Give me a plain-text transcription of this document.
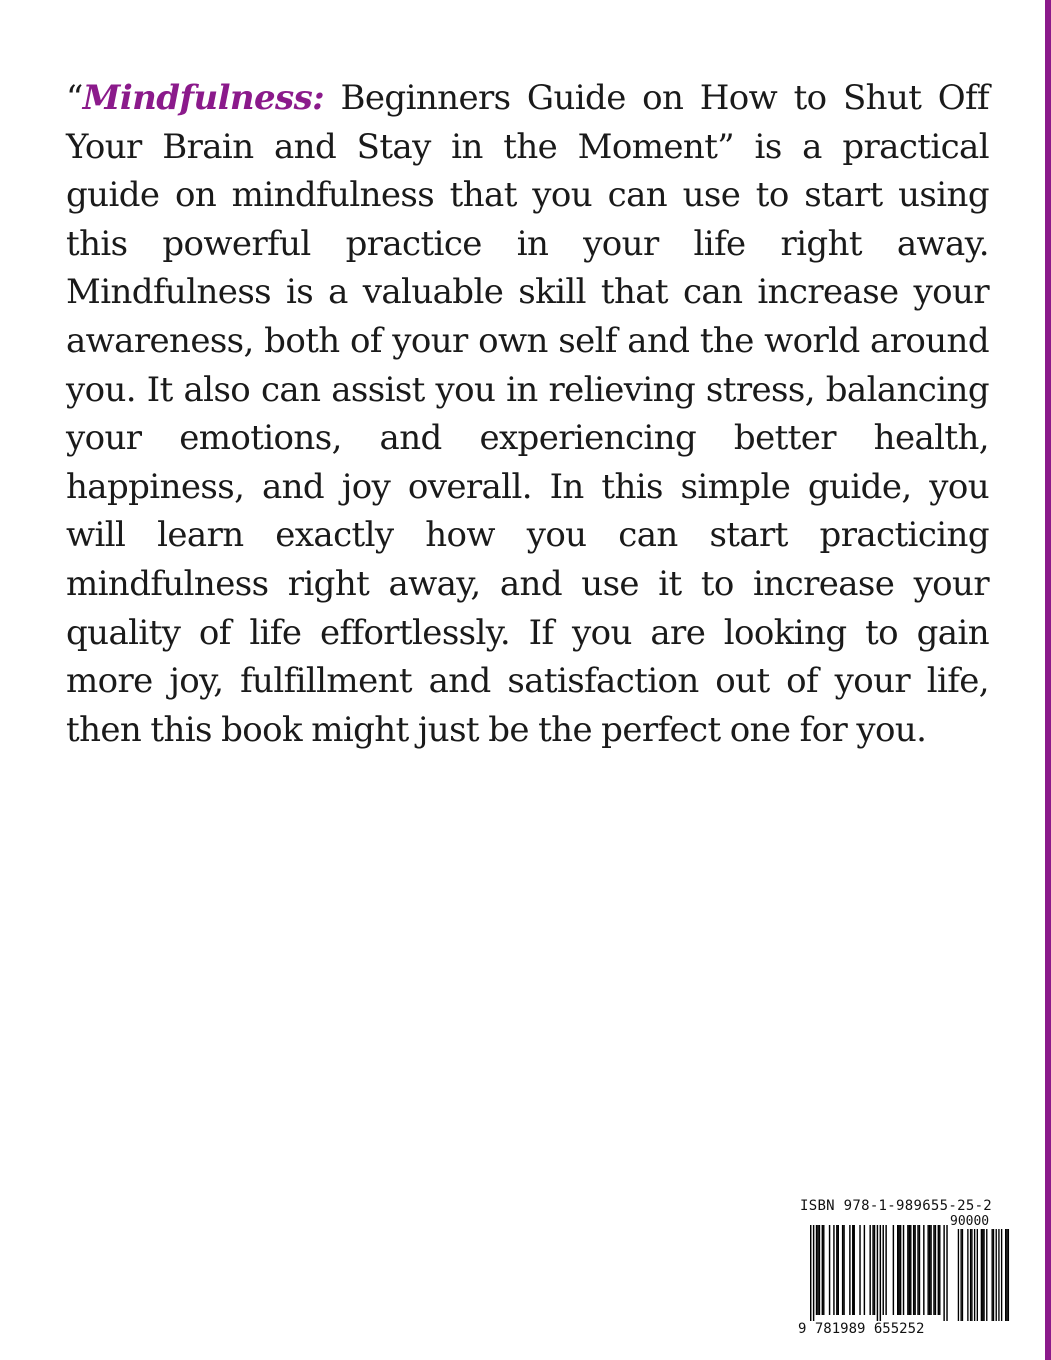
“Mindfulness: Beginners Guide on How to Shut Off Your Brain and Stay in the Moment” is a practical guide on mindfulness that you can use to start using this powerful practice in your life right away. Mindfulness is a valuable skill that can increase your awareness, both of your own self and the world around you. It also can assist you in relieving stress, balancing your emotions, and experiencing better health, happiness, and joy overall. In this simple guide, you will learn exactly how you can start practicing mindfulness right away, and use it to increase your quality of life effortlessly. If you are looking to gain more joy, fulfillment and satisfaction out of your life, then this book might just be the perfect one for you.

ISBN 978-1-989655-25-2
90000
9 781989 655252
